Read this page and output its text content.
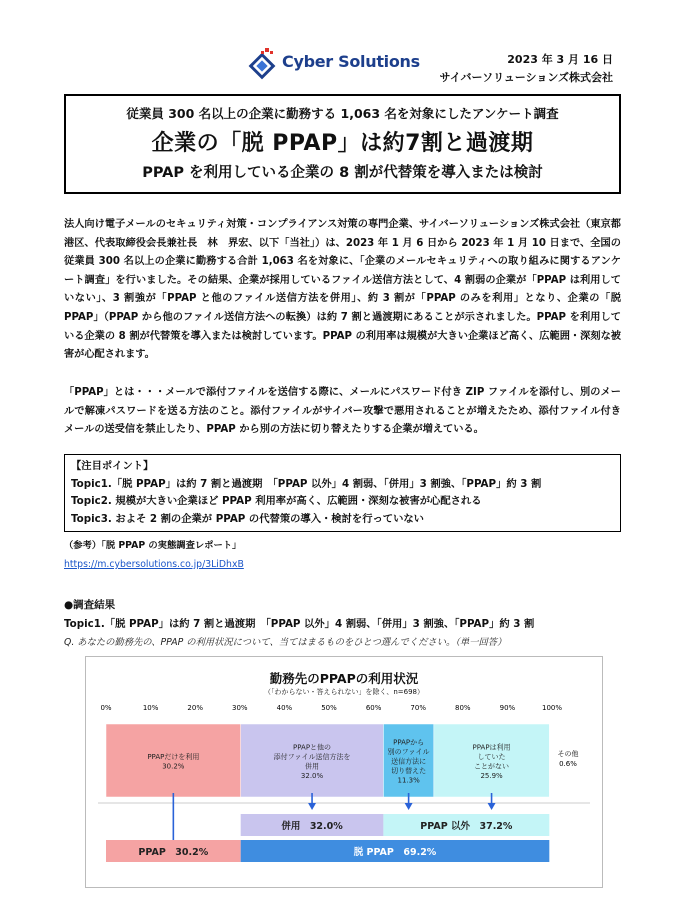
Cyber Solutions	2023 年 3 月 16 日
サイバーソリューションズ株式会社
従業員 300 名以上の企業に勤務する 1,063 名を対象にしたアンケート調査
企業の「脱 PPAP」は約7割と過渡期
PPAP を利用している企業の 8 割が代替策を導入または検討
法人向け電子メールのセキュリティ対策・コンプライアンス対策の専門企業、サイバーソリューションズ株式会社（東京都港区、代表取締役会長兼社長　林　界宏、以下「当社」）は、2023 年 1 月 6 日から 2023 年 1 月 10 日まで、全国の従業員 300 名以上の企業に勤務する合計 1,063 名を対象に、「企業のメールセキュリティへの取り組みに関するアンケート調査」を行いました。その結果、企業が採用しているファイル送信方法として、4 割弱の企業が「PPAP は利用していない」、3 割強が「PPAP と他のファイル送信方法を併用」、約 3 割が「PPAP のみを利用」となり、企業の「脱 PPAP」（PPAP から他のファイル送信方法への転換）は約 7 割と過渡期にあることが示されました。PPAP を利用している企業の 8 割が代替策を導入または検討しています。PPAP の利用率は規模が大きい企業ほど高く、広範囲・深刻な被害が心配されます。
「PPAP」とは・・・メールで添付ファイルを送信する際に、メールにパスワード付き ZIP ファイルを添付し、別のメールで解凍パスワードを送る方法のこと。添付ファイルがサイバー攻撃で悪用されることが増えたため、添付ファイル付きメールの送受信を禁止したり、PPAP から別の方法に切り替えたりする企業が増えている。
【注目ポイント】
Topic1.「脱 PPAP」は約 7 割と過渡期　「PPAP 以外」4 割弱、「併用」3 割強、「PPAP」約 3 割
Topic2. 規模が大きい企業ほど PPAP 利用率が高く、広範囲・深刻な被害が心配される
Topic3. およそ 2 割の企業が PPAP の代替策の導入・検討を行っていない
（参考）「脱 PPAP の実態調査レポート」
https://m.cybersolutions.co.jp/3LiDhxB
●調査結果
Topic1.「脱 PPAP」は約 7 割と過渡期　「PPAP 以外」4 割弱、「併用」3 割強、「PPAP」約 3 割
Q. あなたの勤務先の、PPAP の利用状況について、当てはまるものをひとつ選んでください。（単一回答）
勤務先のPPAPの利用状況
（「わからない・答えられない」を除く、n=698）
0%	10%	20%	30%	40%	50%	60%	70%	80%	90%	100%
PPAPだけを利用
30.2%
PPAPと他の
添付ファイル送信方法を
併用
32.0%
PPAPから
別のファイル
送信方法に
切り替えた
11.3%
PPAPは利用
していた
ことがない
25.9%
その他
0.6%
併用　32.0%	PPAP 以外　37.2%
PPAP　30.2%	脱 PPAP　69.2%
